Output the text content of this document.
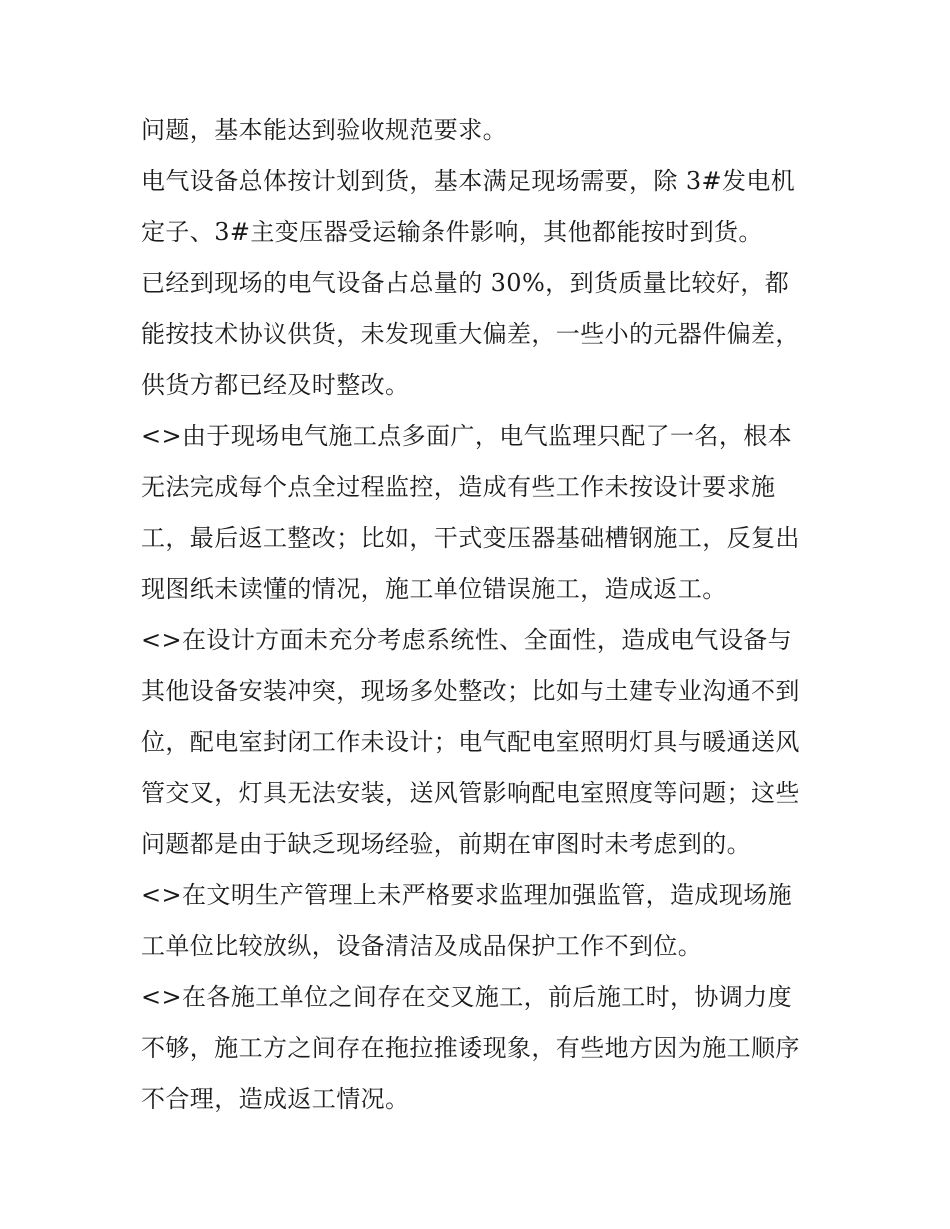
问题，基本能达到验收规范要求。
电气设备总体按计划到货，基本满足现场需要，除 3#发电机
定子、3#主变压器受运输条件影响，其他都能按时到货。
已经到现场的电气设备占总量的 30%，到货质量比较好，都
能按技术协议供货，未发现重大偏差，一些小的元器件偏差，
供货方都已经及时整改。
<>由于现场电气施工点多面广，电气监理只配了一名，根本
无法完成每个点全过程监控，造成有些工作未按设计要求施
工，最后返工整改；比如，干式变压器基础槽钢施工，反复出
现图纸未读懂的情况，施工单位错误施工，造成返工。
<>在设计方面未充分考虑系统性、全面性，造成电气设备与
其他设备安装冲突，现场多处整改；比如与土建专业沟通不到
位，配电室封闭工作未设计；电气配电室照明灯具与暖通送风
管交叉，灯具无法安装，送风管影响配电室照度等问题；这些
问题都是由于缺乏现场经验，前期在审图时未考虑到的。
<>在文明生产管理上未严格要求监理加强监管，造成现场施
工单位比较放纵，设备清洁及成品保护工作不到位。
<>在各施工单位之间存在交叉施工，前后施工时，协调力度
不够，施工方之间存在拖拉推诿现象，有些地方因为施工顺序
不合理，造成返工情况。
